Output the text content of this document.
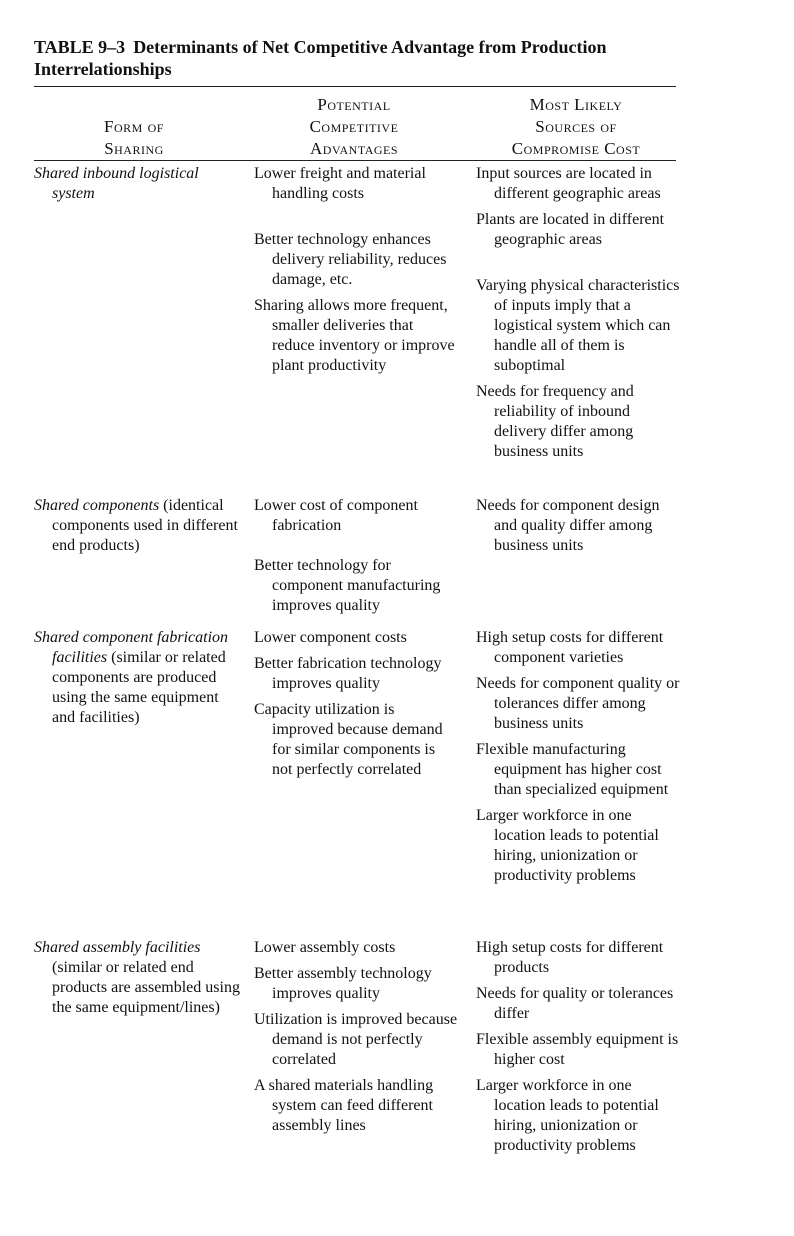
TABLE 9–3 Determinants of Net Competitive Advantage from Production Interrelationships
Form of
Sharing
Potential
Competitive
Advantages
Most Likely
Sources of
Compromise Cost

Shared inbound logistical system

Lower freight and material handling costs

Better technology enhances delivery reliability, reduces damage, etc.

Sharing allows more frequent, smaller deliveries that reduce inventory or improve plant productivity

Input sources are located in different geographic areas

Plants are located in different geographic areas

Varying physical characteristics of inputs imply that a logistical system which can handle all of them is suboptimal

Needs for frequency and reliability of inbound delivery differ among business units

Shared components (identical components used in different end products)

Lower cost of component fabrication

Better technology for component manufacturing improves quality

Needs for component design and quality differ among business units

Shared component fabrication facilities (similar or related components are produced using the same equipment and facilities)

Lower component costs

Better fabrication technology improves quality

Capacity utilization is improved because demand for similar components is not perfectly correlated

High setup costs for different component varieties

Needs for component quality or tolerances differ among business units

Flexible manufacturing equipment has higher cost than specialized equipment

Larger workforce in one location leads to potential hiring, unionization or productivity problems

Shared assembly facilities (similar or related end products are assembled using the same equipment/lines)

Lower assembly costs

Better assembly technology improves quality

Utilization is improved because demand is not perfectly correlated

A shared materials handling system can feed different assembly lines

High setup costs for different products

Needs for quality or tolerances differ

Flexible assembly equipment is higher cost

Larger workforce in one location leads to potential hiring, unionization or productivity problems
